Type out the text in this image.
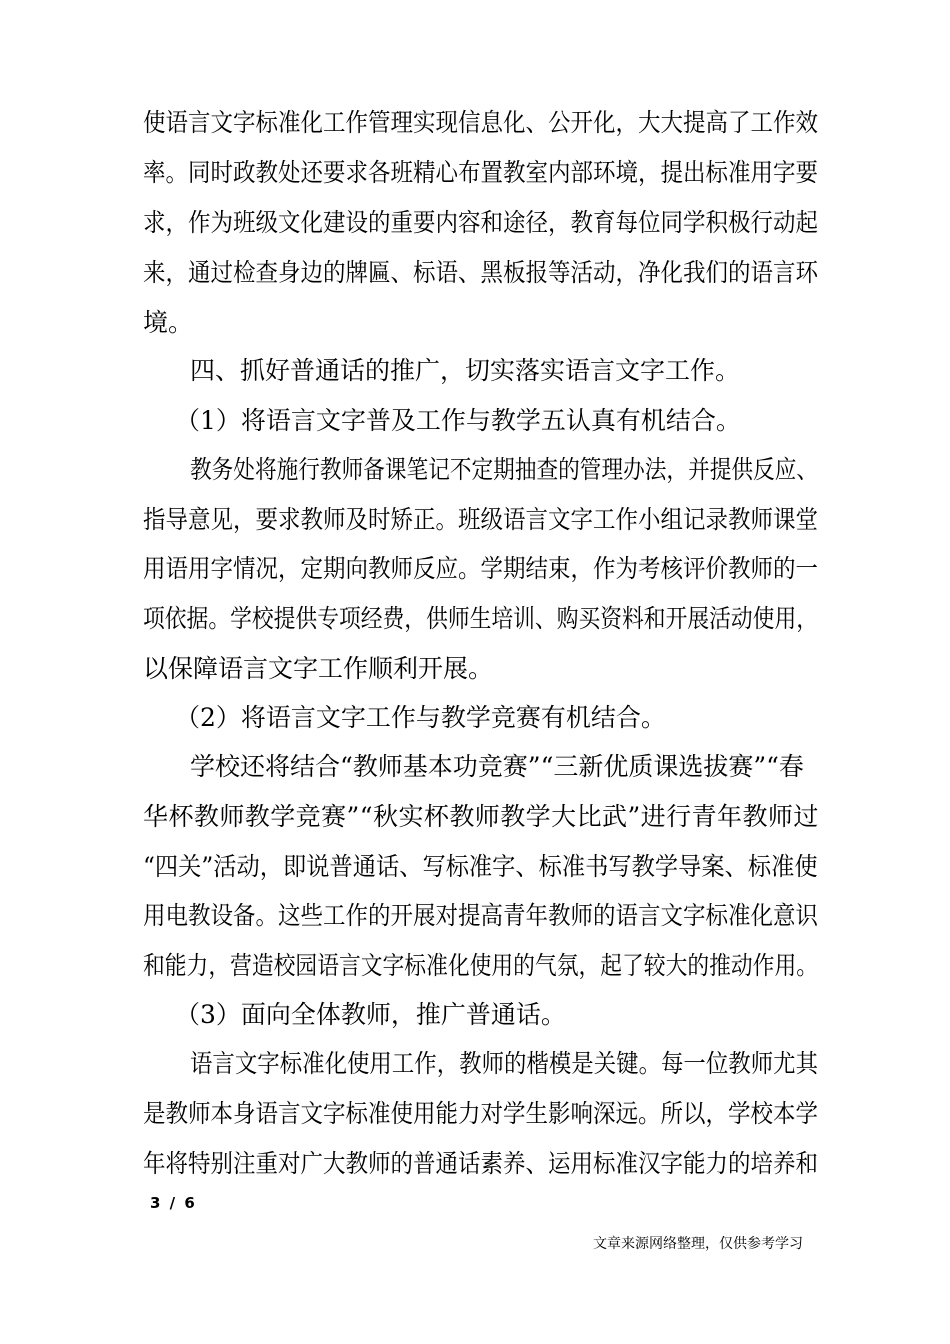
使语言文字标准化工作管理实现信息化、公开化，大大提高了工作效
率。同时政教处还要求各班精心布置教室内部环境，提出标准用字要
求，作为班级文化建设的重要内容和途径，教育每位同学积极行动起
来，通过检查身边的牌匾、标语、黑板报等活动，净化我们的语言环
境。
四、抓好普通话的推广，切实落实语言文字工作。
（1）将语言文字普及工作与教学五认真有机结合。
教务处将施行教师备课笔记不定期抽查的管理办法，并提供反应、
指导意见，要求教师及时矫正。班级语言文字工作小组记录教师课堂
用语用字情况，定期向教师反应。学期结束，作为考核评价教师的一
项依据。学校提供专项经费，供师生培训、购买资料和开展活动使用，
以保障语言文字工作顺利开展。
（2）将语言文字工作与教学竞赛有机结合。
学校还将结合“教师基本功竞赛”“三新优质课选拔赛”“春
华杯教师教学竞赛”“秋实杯教师教学大比武”进行青年教师过
“四关”活动，即说普通话、写标准字、标准书写教学导案、标准使
用电教设备。这些工作的开展对提高青年教师的语言文字标准化意识
和能力，营造校园语言文字标准化使用的气氛，起了较大的推动作用。
（3）面向全体教师，推广普通话。
语言文字标准化使用工作，教师的楷模是关键。每一位教师尤其
是教师本身语言文字标准使用能力对学生影响深远。所以，学校本学
年将特别注重对广大教师的普通话素养、运用标准汉字能力的培养和
3 / 6
文章来源网络整理，仅供参考学习
